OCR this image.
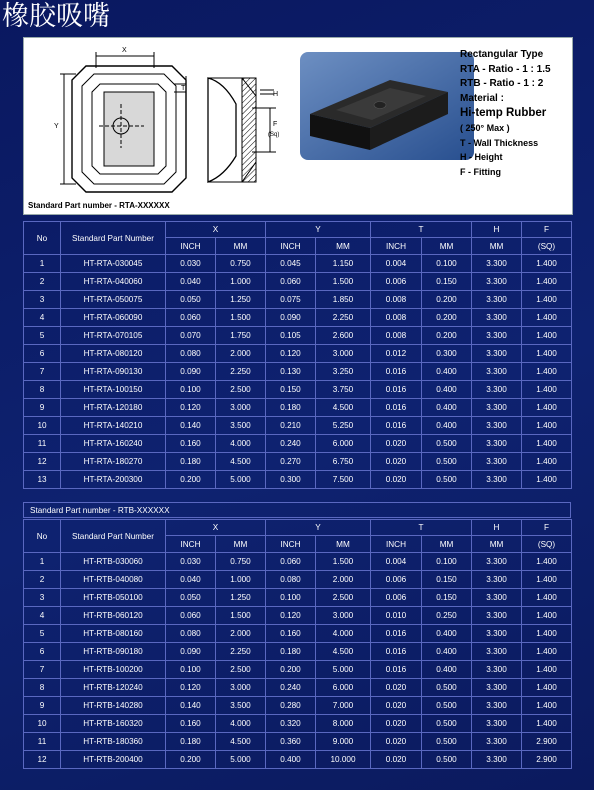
橡胶吸嘴
X
Y
T
H
F
(Sq)
Rectangular Type
RTA - Ratio - 1 : 1.5
RTB - Ratio - 1 : 2
Material :
Hi-temp Rubber
( 250° Max )
T - Wall Thickness
H - Height
F - Fitting
Standard Part number - RTA-XXXXXX
No	Standard Part Number	X		Y		T		H	F
		INCH	MM	INCH	MM	INCH	MM	MM	(SQ)
1	HT-RTA-030045	0.030	0.750	0.045	1.150	0.004	0.100	3.300	1.400
2	HT-RTA-040060	0.040	1.000	0.060	1.500	0.006	0.150	3.300	1.400
3	HT-RTA-050075	0.050	1.250	0.075	1.850	0.008	0.200	3.300	1.400
4	HT-RTA-060090	0.060	1.500	0.090	2.250	0.008	0.200	3.300	1.400
5	HT-RTA-070105	0.070	1.750	0.105	2.600	0.008	0.200	3.300	1.400
6	HT-RTA-080120	0.080	2.000	0.120	3.000	0.012	0.300	3.300	1.400
7	HT-RTA-090130	0.090	2.250	0.130	3.250	0.016	0.400	3.300	1.400
8	HT-RTA-100150	0.100	2.500	0.150	3.750	0.016	0.400	3.300	1.400
9	HT-RTA-120180	0.120	3.000	0.180	4.500	0.016	0.400	3.300	1.400
10	HT-RTA-140210	0.140	3.500	0.210	5.250	0.016	0.400	3.300	1.400
11	HT-RTA-160240	0.160	4.000	0.240	6.000	0.020	0.500	3.300	1.400
12	HT-RTA-180270	0.180	4.500	0.270	6.750	0.020	0.500	3.300	1.400
13	HT-RTA-200300	0.200	5.000	0.300	7.500	0.020	0.500	3.300	1.400
Standard Part number - RTB-XXXXXX
No	Standard Part Number	X		Y		T		H	F
		INCH	MM	INCH	MM	INCH	MM	MM	(SQ)
1	HT-RTB-030060	0.030	0.750	0.060	1.500	0.004	0.100	3.300	1.400
2	HT-RTB-040080	0.040	1.000	0.080	2.000	0.006	0.150	3.300	1.400
3	HT-RTB-050100	0.050	1.250	0.100	2.500	0.006	0.150	3.300	1.400
4	HT-RTB-060120	0.060	1.500	0.120	3.000	0.010	0.250	3.300	1.400
5	HT-RTB-080160	0.080	2.000	0.160	4.000	0.016	0.400	3.300	1.400
6	HT-RTB-090180	0.090	2.250	0.180	4.500	0.016	0.400	3.300	1.400
7	HT-RTB-100200	0.100	2.500	0.200	5.000	0.016	0.400	3.300	1.400
8	HT-RTB-120240	0.120	3.000	0.240	6.000	0.020	0.500	3.300	1.400
9	HT-RTB-140280	0.140	3.500	0.280	7.000	0.020	0.500	3.300	1.400
10	HT-RTB-160320	0.160	4.000	0.320	8.000	0.020	0.500	3.300	1.400
11	HT-RTB-180360	0.180	4.500	0.360	9.000	0.020	0.500	3.300	2.900
12	HT-RTB-200400	0.200	5.000	0.400	10.000	0.020	0.500	3.300	2.900
